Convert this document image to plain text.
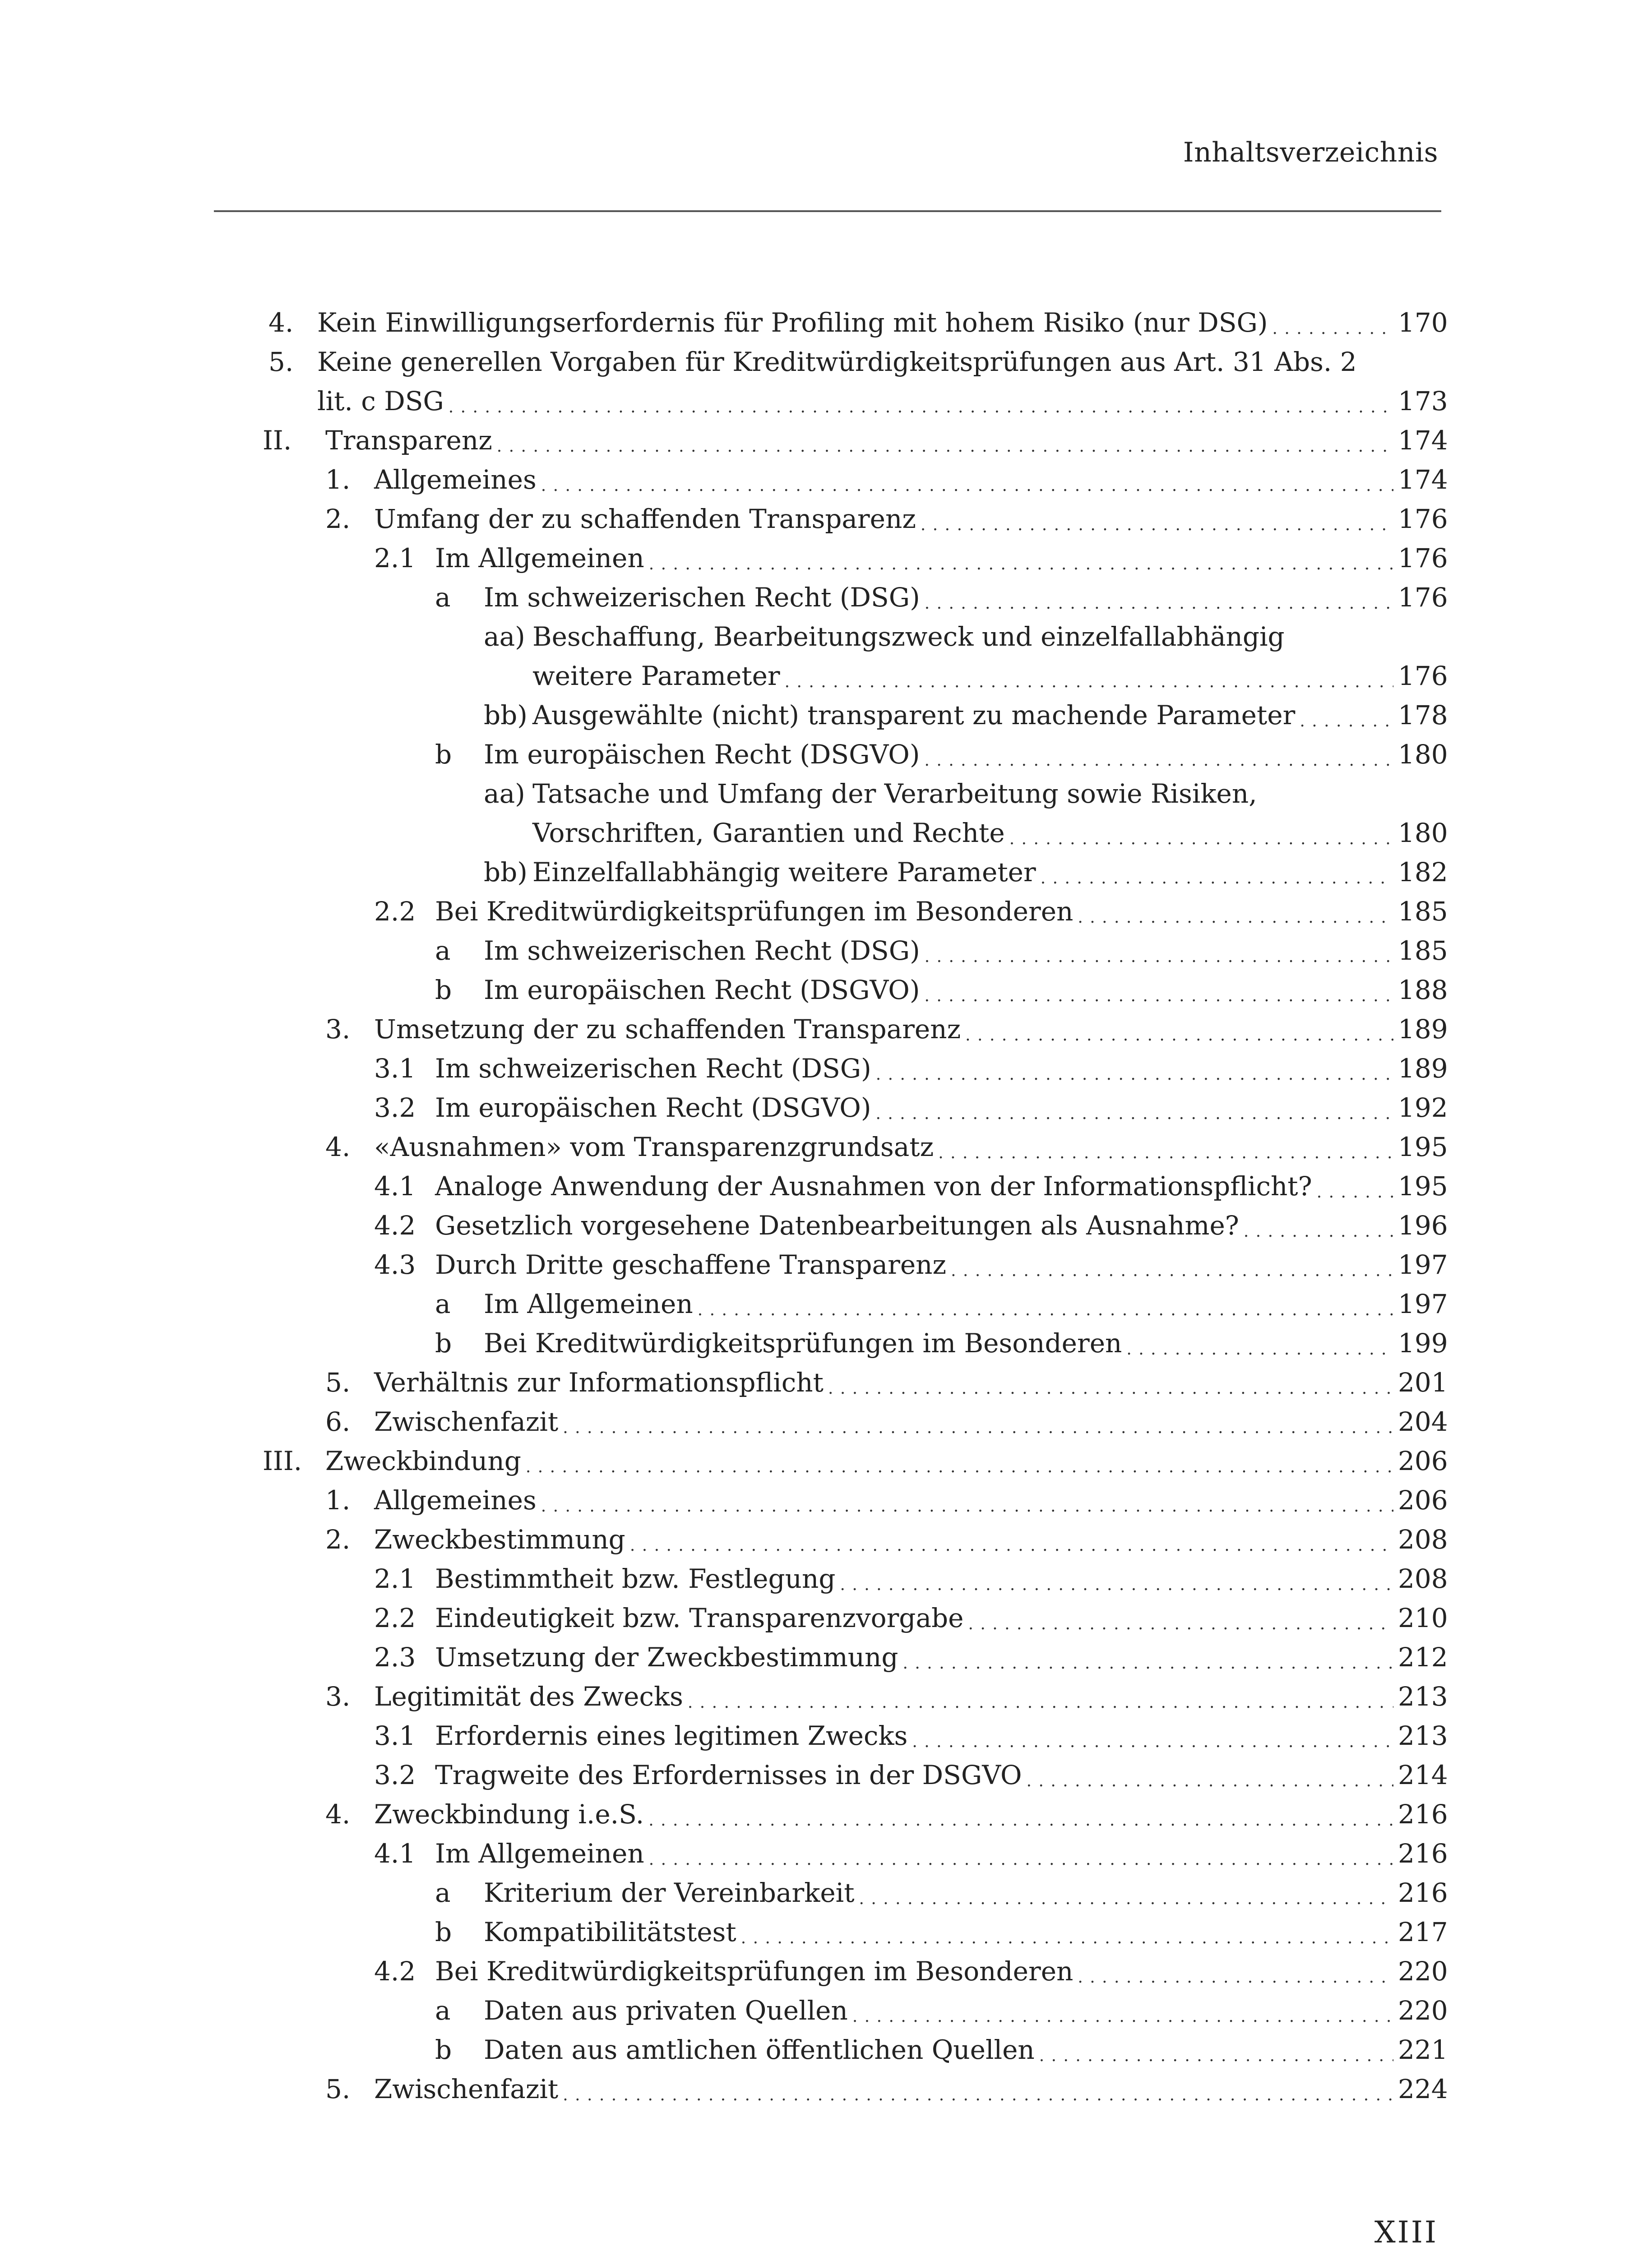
Inhaltsverzeichnis
4. Kein Einwilligungserfordernis für Profiling mit hohem Risiko (nur DSG) . . .	170
5. Keine generellen Vorgaben für Kreditwürdigkeitsprüfungen aus Art. 31 Abs. 2
lit. c DSG . . .	173
II. Transparenz . . .	174
1. Allgemeines . . .	174
2. Umfang der zu schaffenden Transparenz . . .	176
2.1 Im Allgemeinen . . .	176
a Im schweizerischen Recht (DSG) . . .	176
aa) Beschaffung, Bearbeitungszweck und einzelfallabhängig
weitere Parameter . . .	176
bb) Ausgewählte (nicht) transparent zu machende Parameter . . .	178
b Im europäischen Recht (DSGVO) . . .	180
aa) Tatsache und Umfang der Verarbeitung sowie Risiken,
Vorschriften, Garantien und Rechte . . .	180
bb) Einzelfallabhängig weitere Parameter . . .	182
2.2 Bei Kreditwürdigkeitsprüfungen im Besonderen . . .	185
a Im schweizerischen Recht (DSG) . . .	185
b Im europäischen Recht (DSGVO) . . .	188
3. Umsetzung der zu schaffenden Transparenz . . .	189
3.1 Im schweizerischen Recht (DSG) . . .	189
3.2 Im europäischen Recht (DSGVO) . . .	192
4. «Ausnahmen» vom Transparenzgrundsatz . . .	195
4.1 Analoge Anwendung der Ausnahmen von der Informationspflicht? . . .	195
4.2 Gesetzlich vorgesehene Datenbearbeitungen als Ausnahme? . . .	196
4.3 Durch Dritte geschaffene Transparenz . . .	197
a Im Allgemeinen . . .	197
b Bei Kreditwürdigkeitsprüfungen im Besonderen . . .	199
5. Verhältnis zur Informationspflicht . . .	201
6. Zwischenfazit . . .	204
III. Zweckbindung . . .	206
1. Allgemeines . . .	206
2. Zweckbestimmung . . .	208
2.1 Bestimmtheit bzw. Festlegung . . .	208
2.2 Eindeutigkeit bzw. Transparenzvorgabe . . .	210
2.3 Umsetzung der Zweckbestimmung . . .	212
3. Legitimität des Zwecks . . .	213
3.1 Erfordernis eines legitimen Zwecks . . .	213
3.2 Tragweite des Erfordernisses in der DSGVO . . .	214
4. Zweckbindung i.e.S. . . .	216
4.1 Im Allgemeinen . . .	216
a Kriterium der Vereinbarkeit . . .	216
b Kompatibilitätstest . . .	217
4.2 Bei Kreditwürdigkeitsprüfungen im Besonderen . . .	220
a Daten aus privaten Quellen . . .	220
b Daten aus amtlichen öffentlichen Quellen . . .	221
5. Zwischenfazit . . .	224
XIII
